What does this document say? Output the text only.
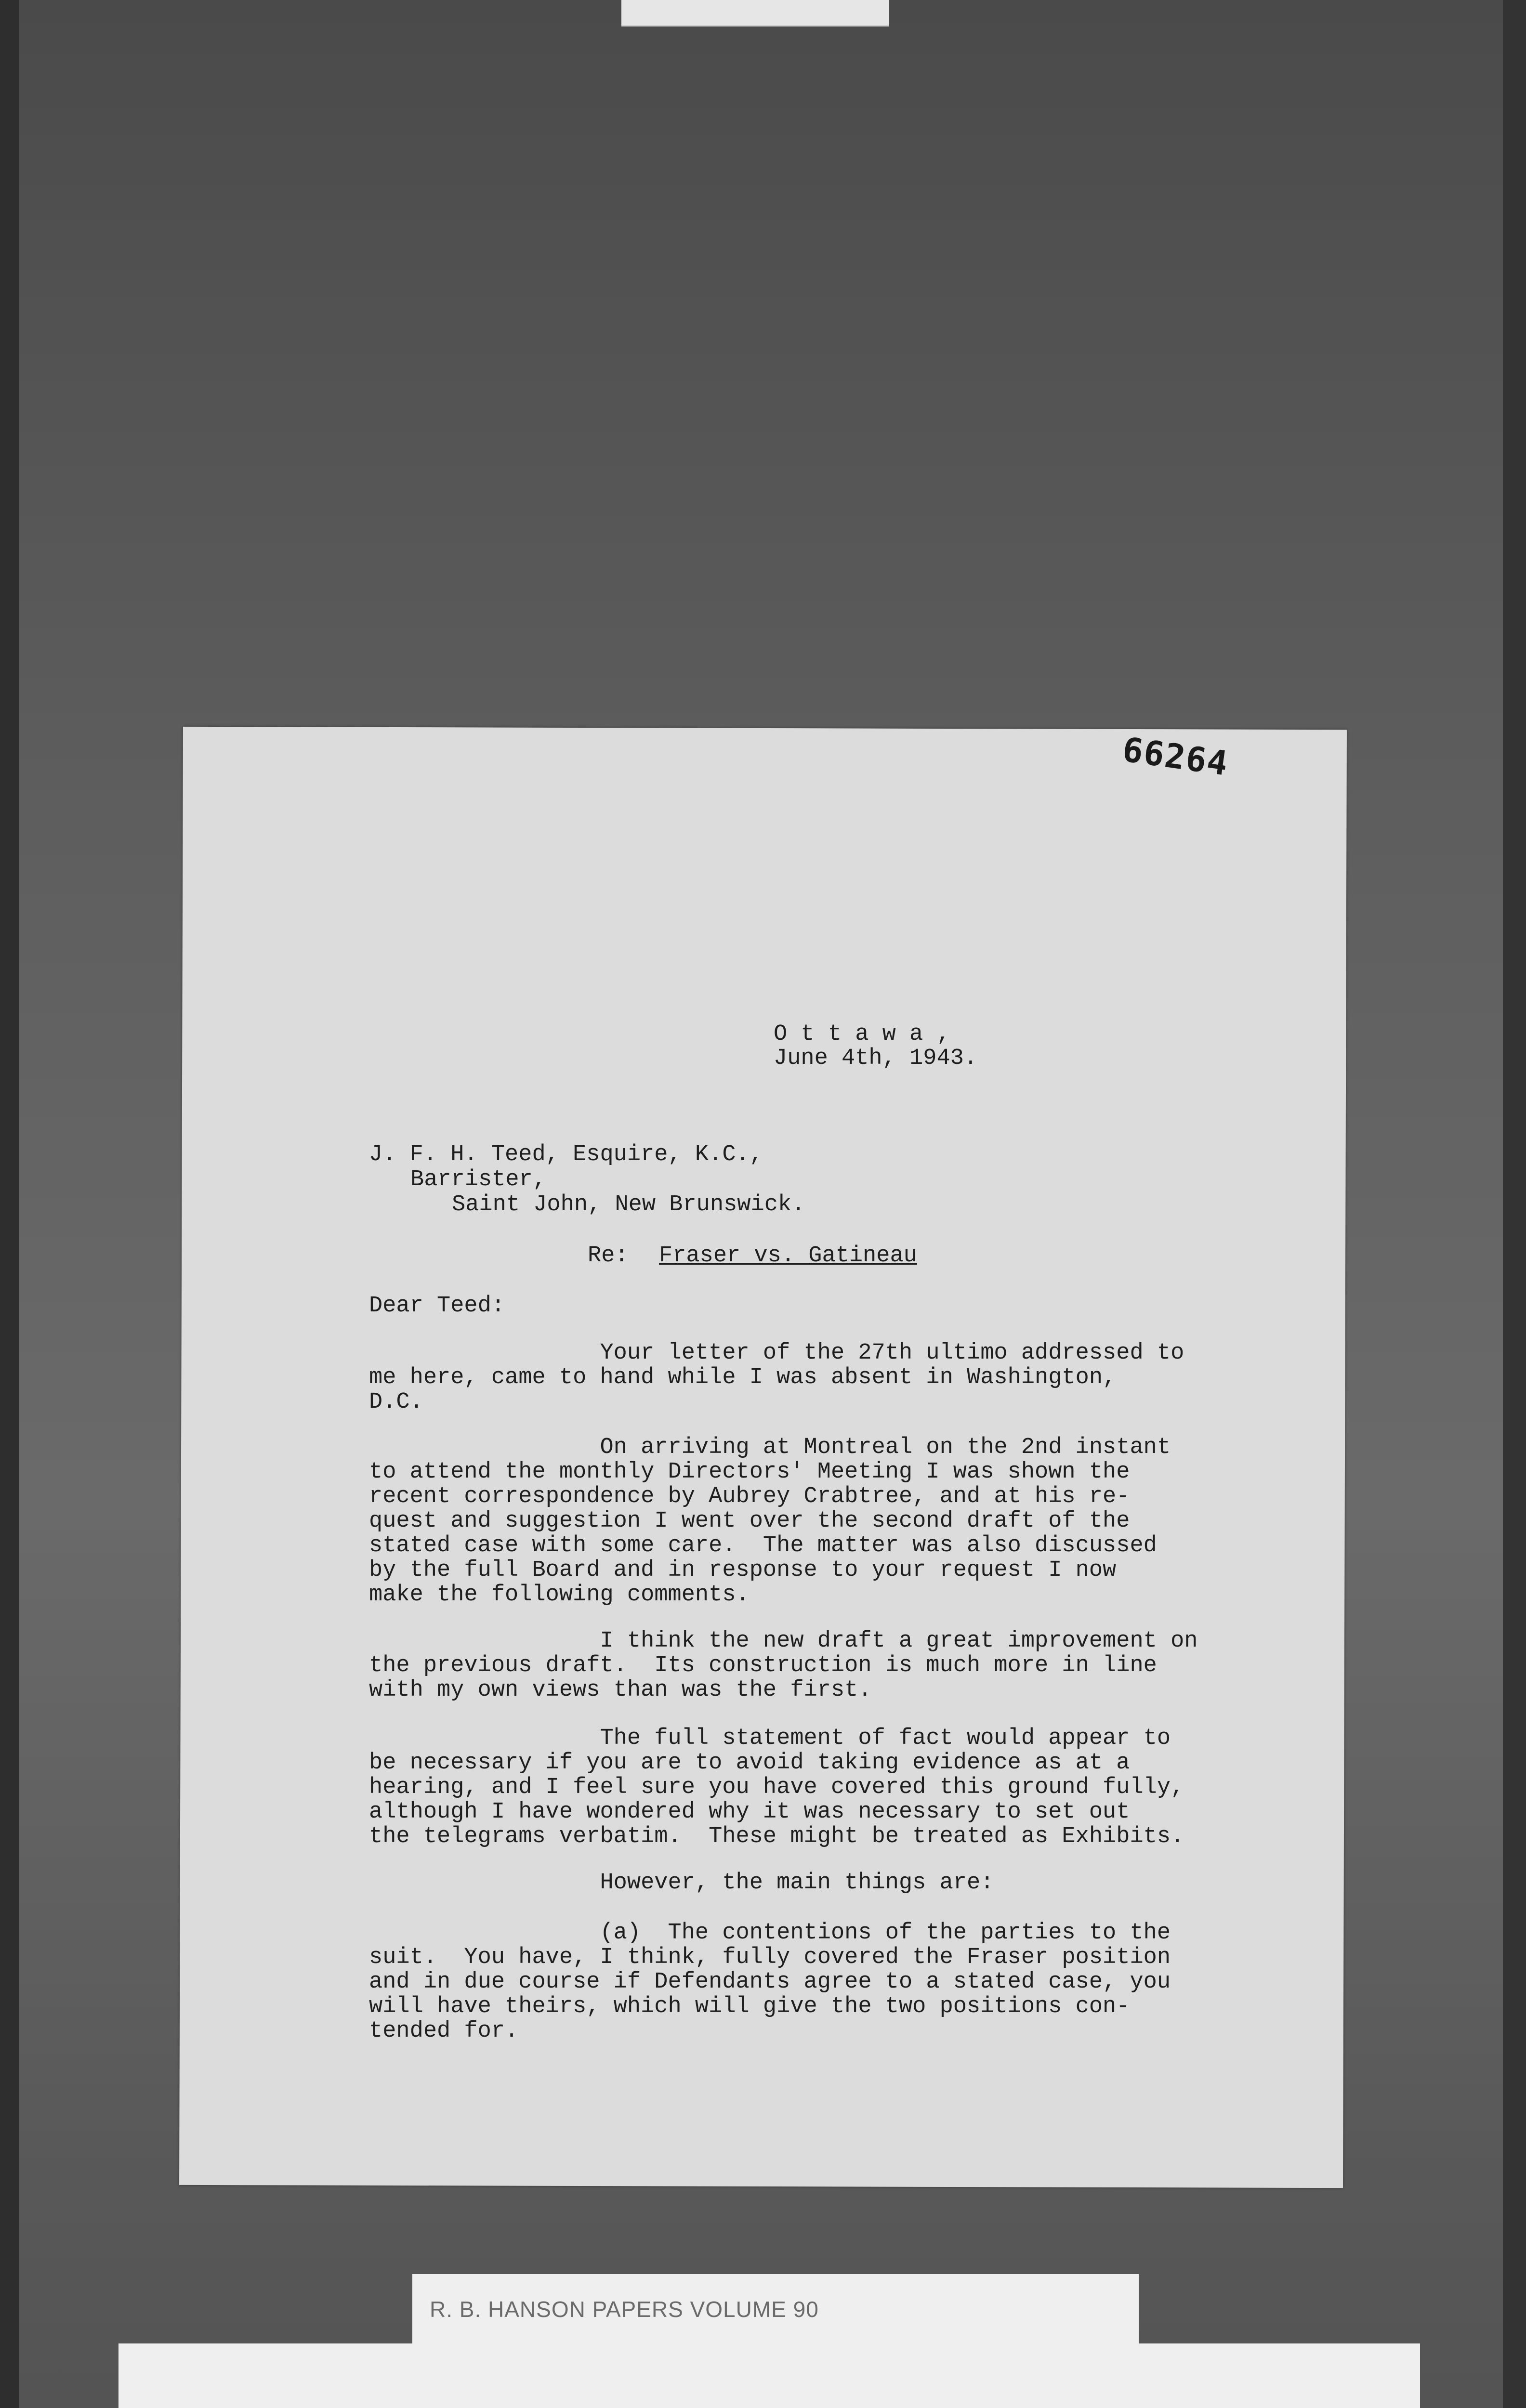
66264

O t t a w a ,

June 4th, 1943.

J. F. H. Teed, Esquire, K.C.,

Barrister,

Saint John, New Brunswick.

Re: Fraser vs. Gatineau

Dear Teed:

Your letter of the 27th ultimo addressed to
me here, came to hand while I was absent in Washington,
D.C.

On arriving at Montreal on the 2nd instant
to attend the monthly Directors' Meeting I was shown the
recent correspondence by Aubrey Crabtree, and at his re-
quest and suggestion I went over the second draft of the
stated case with some care.  The matter was also discussed
by the full Board and in response to your request I now
make the following comments.

I think the new draft a great improvement on
the previous draft.  Its construction is much more in line
with my own views than was the first.

The full statement of fact would appear to
be necessary if you are to avoid taking evidence as at a
hearing, and I feel sure you have covered this ground fully,
although I have wondered why it was necessary to set out
the telegrams verbatim.  These might be treated as Exhibits.

However, the main things are:

(a)  The contentions of the parties to the
suit.  You have, I think, fully covered the Fraser position
and in due course if Defendants agree to a stated case, you
will have theirs, which will give the two positions con-
tended for.

R. B. HANSON PAPERS VOLUME 90
